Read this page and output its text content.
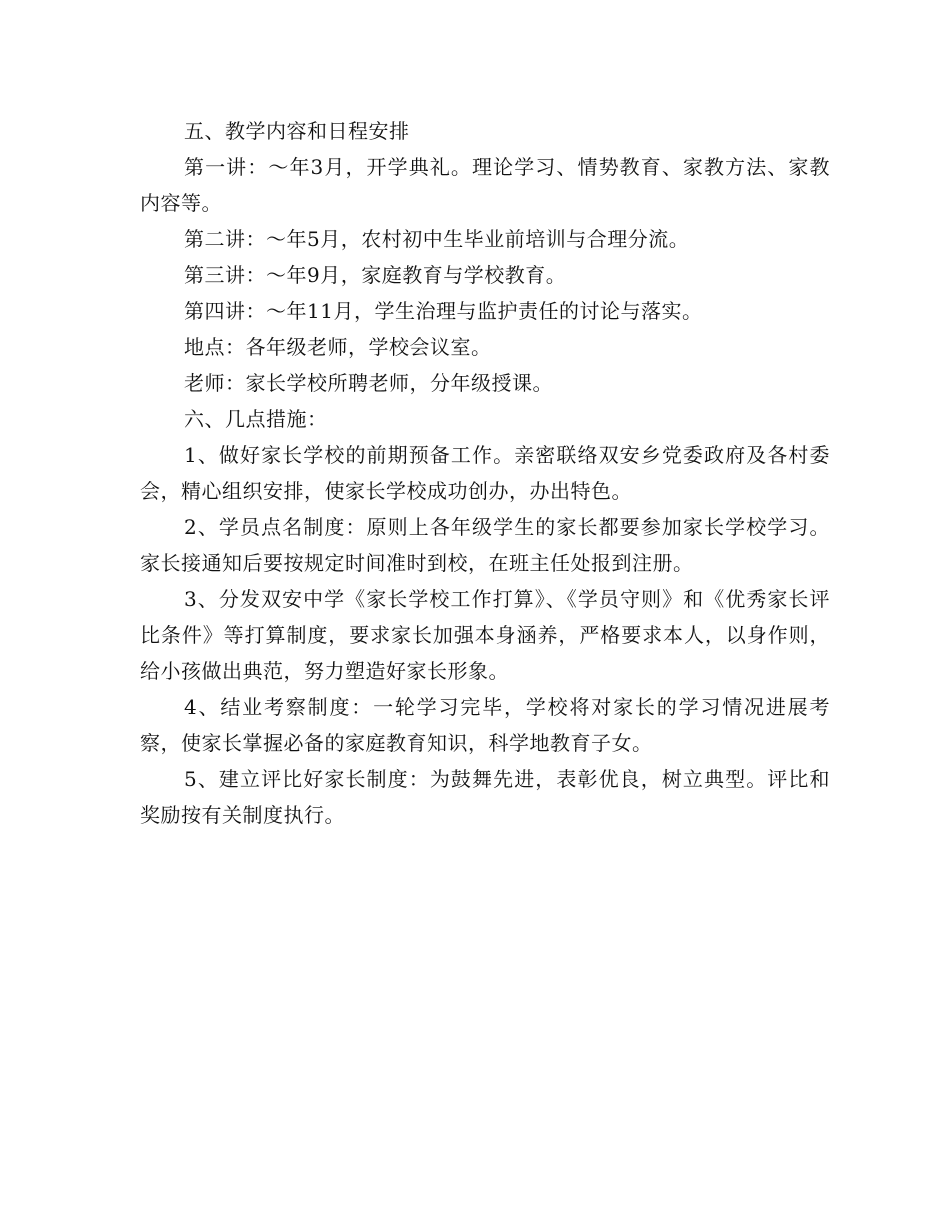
五、教学内容和日程安排

第一讲：～年3月，开学典礼。理论学习、情势教育、家教方法、家教内容等。

第二讲：～年5月，农村初中生毕业前培训与合理分流。

第三讲：～年9月，家庭教育与学校教育。

第四讲：～年11月，学生治理与监护责任的讨论与落实。

地点：各年级老师，学校会议室。

老师：家长学校所聘老师，分年级授课。

六、几点措施：

1、做好家长学校的前期预备工作。亲密联络双安乡党委政府及各村委会，精心组织安排，使家长学校成功创办，办出特色。

2、学员点名制度：原则上各年级学生的家长都要参加家长学校学习。家长接通知后要按规定时间准时到校，在班主任处报到注册。

3、分发双安中学《家长学校工作打算》、《学员守则》和《优秀家长评比条件》等打算制度，要求家长加强本身涵养，严格要求本人，以身作则，给小孩做出典范，努力塑造好家长形象。

4、结业考察制度：一轮学习完毕，学校将对家长的学习情况进展考察，使家长掌握必备的家庭教育知识，科学地教育子女。

5、建立评比好家长制度：为鼓舞先进，表彰优良，树立典型。评比和奖励按有关制度执行。
